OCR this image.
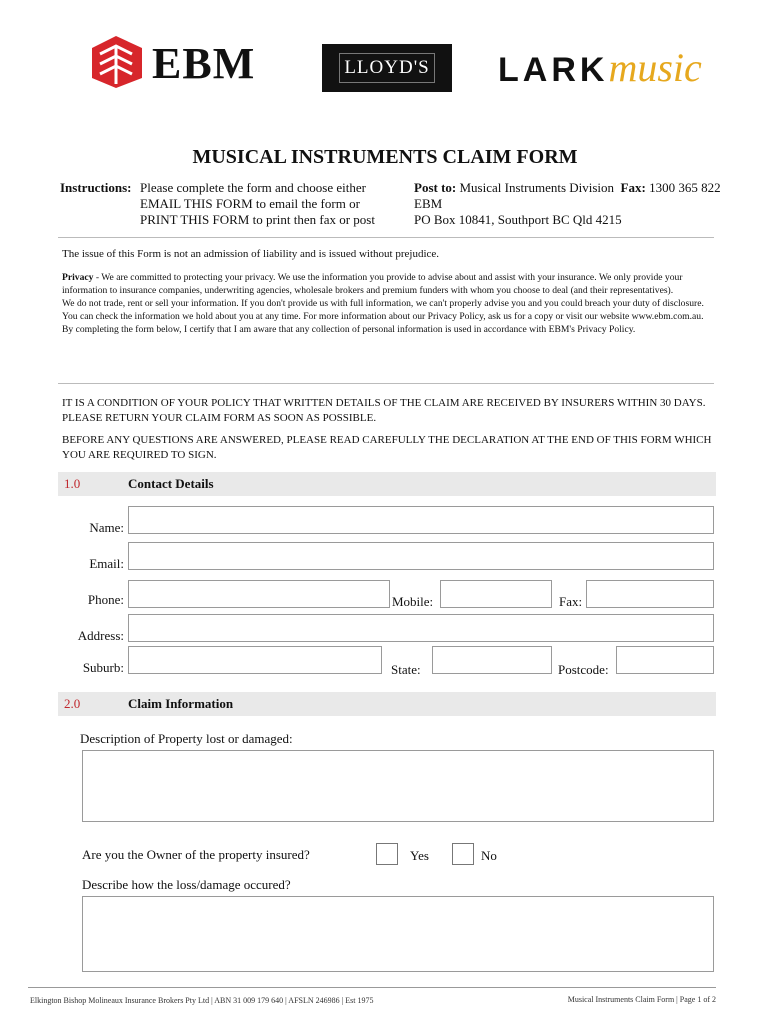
EBM	LLOYD'S LARKmusic
MUSICAL INSTRUMENTS CLAIM FORM
Instructions: Please complete the form and choose either
EMAIL THIS FORM to email the form or
PRINT THIS FORM to print then fax or post
Post to: Musical Instruments Division Fax: 1300 365 822
EBM
PO Box 10841, Southport BC Qld 4215
The issue of this Form is not an admission of liability and is issued without prejudice.

Privacy - We are committed to protecting your privacy. We use the information you provide to advise about and assist with your insurance. We only provide your information to insurance companies, underwriting agencies, wholesale brokers and premium funders with whom you choose to deal (and their representatives).

We do not trade, rent or sell your information. If you don't provide us with full information, we can't properly advise you and you could breach your duty of disclosure. You can check the information we hold about you at any time. For more information about our Privacy Policy, ask us for a copy or visit our website www.ebm.com.au.

By completing the form below, I certify that I am aware that any collection of personal information is used in accordance with EBM's Privacy Policy.

IT IS A CONDITION OF YOUR POLICY THAT WRITTEN DETAILS OF THE CLAIM ARE RECEIVED BY INSURERS WITHIN 30 DAYS. PLEASE RETURN YOUR CLAIM FORM AS SOON AS POSSIBLE.

BEFORE ANY QUESTIONS ARE ANSWERED, PLEASE READ CAREFULLY THE DECLARATION AT THE END OF THIS FORM WHICH YOU ARE REQUIRED TO SIGN.

1.0	Contact Details
Name:
Email:
Phone:	Mobile:	Fax:
Address:
Suburb:	State:	Postcode:
2.0	Claim Information
Description of Property lost or damaged:
Are you the Owner of the property insured?	Yes	No
Describe how the loss/damage occured?
Elkington Bishop Molineaux Insurance Brokers Pty Ltd | ABN 31 009 179 640 | AFSLN 246986 | Est 1975	Musical Instruments Claim Form | Page 1 of 2
